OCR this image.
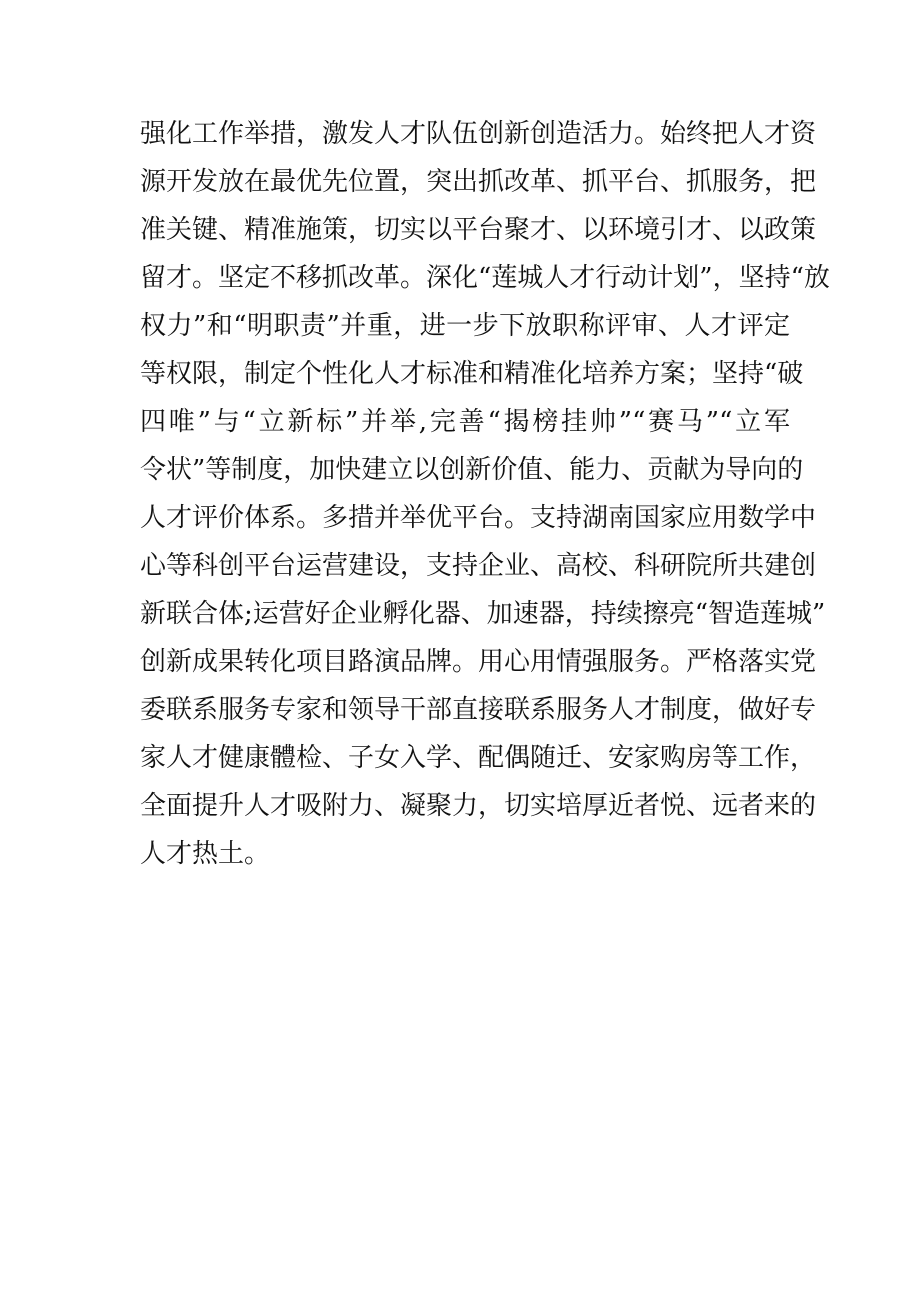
强化工作举措，激发人才队伍创新创造活力。始终把人才资
源开发放在最优先位置，突出抓改革、抓平台、抓服务，把
准关键、精准施策，切实以平台聚才、以环境引才、以政策
留才。坚定不移抓改革。深化“莲城人才行动计划”，坚持“放
权力”和“明职责”并重，进一步下放职称评审、人才评定
等权限，制定个性化人才标准和精准化培养方案；坚持“破
四唯”与“立新标”并举,完善“揭榜挂帅”“赛马”“立军
令状”等制度，加快建立以创新价值、能力、贡献为导向的
人才评价体系。多措并举优平台。支持湖南国家应用数学中
心等科创平台运营建设，支持企业、高校、科研院所共建创
新联合体;运营好企业孵化器、加速器，持续擦亮“智造莲城”
创新成果转化项目路演品牌。用心用情强服务。严格落实党
委联系服务专家和领导干部直接联系服务人才制度，做好专
家人才健康體检、子女入学、配偶随迁、安家购房等工作，
全面提升人才吸附力、凝聚力，切实培厚近者悦、远者来的
人才热土。
